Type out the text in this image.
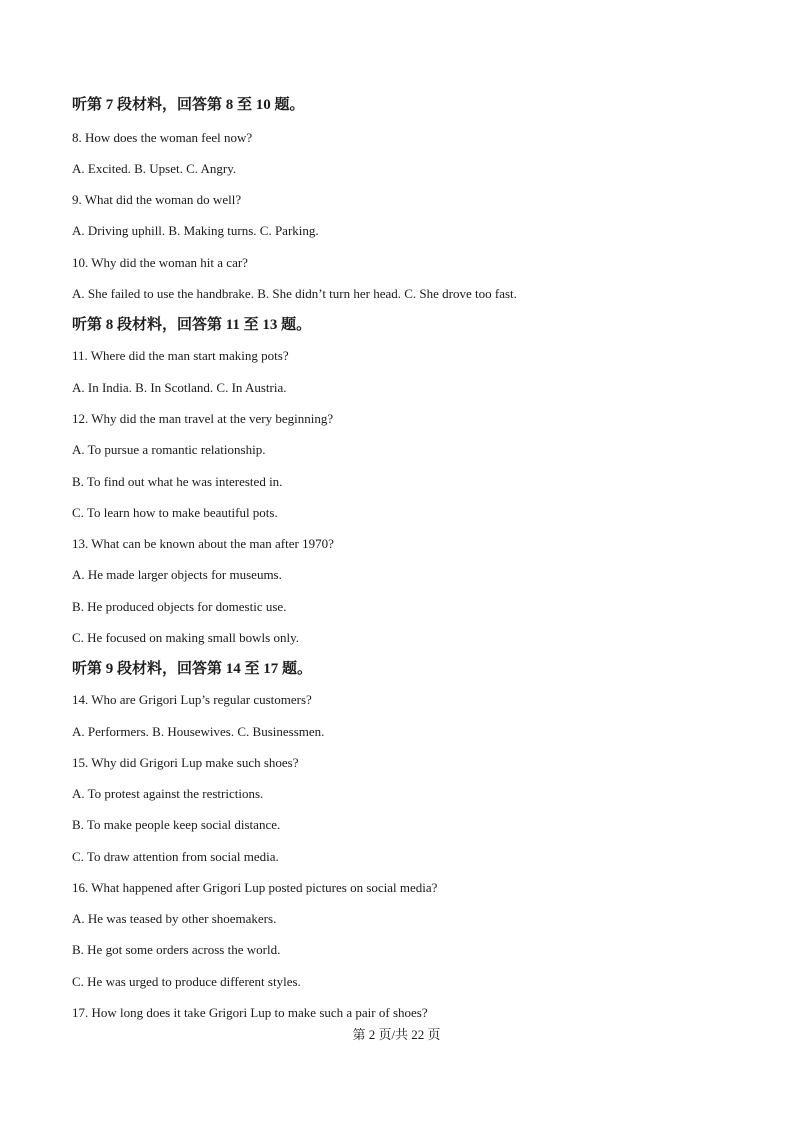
听第 7 段材料，回答第 8 至 10 题。
8. How does the woman feel now?
A. Excited. B. Upset. C. Angry.
9. What did the woman do well?
A. Driving uphill. B. Making turns. C. Parking.
10. Why did the woman hit a car?
A. She failed to use the handbrake. B. She didn’t turn her head. C. She drove too fast.
听第 8 段材料，回答第 11 至 13 题。
11. Where did the man start making pots?
A. In India. B. In Scotland. C. In Austria.
12. Why did the man travel at the very beginning?
A. To pursue a romantic relationship.
B. To find out what he was interested in.
C. To learn how to make beautiful pots.
13. What can be known about the man after 1970?
A. He made larger objects for museums.
B. He produced objects for domestic use.
C. He focused on making small bowls only.
听第 9 段材料，回答第 14 至 17 题。
14. Who are Grigori Lup’s regular customers?
A. Performers. B. Housewives. C. Businessmen.
15. Why did Grigori Lup make such shoes?
A. To protest against the restrictions.
B. To make people keep social distance.
C. To draw attention from social media.
16. What happened after Grigori Lup posted pictures on social media?
A. He was teased by other shoemakers.
B. He got some orders across the world.
C. He was urged to produce different styles.
17. How long does it take Grigori Lup to make such a pair of shoes?
第 2 页/共 22 页
